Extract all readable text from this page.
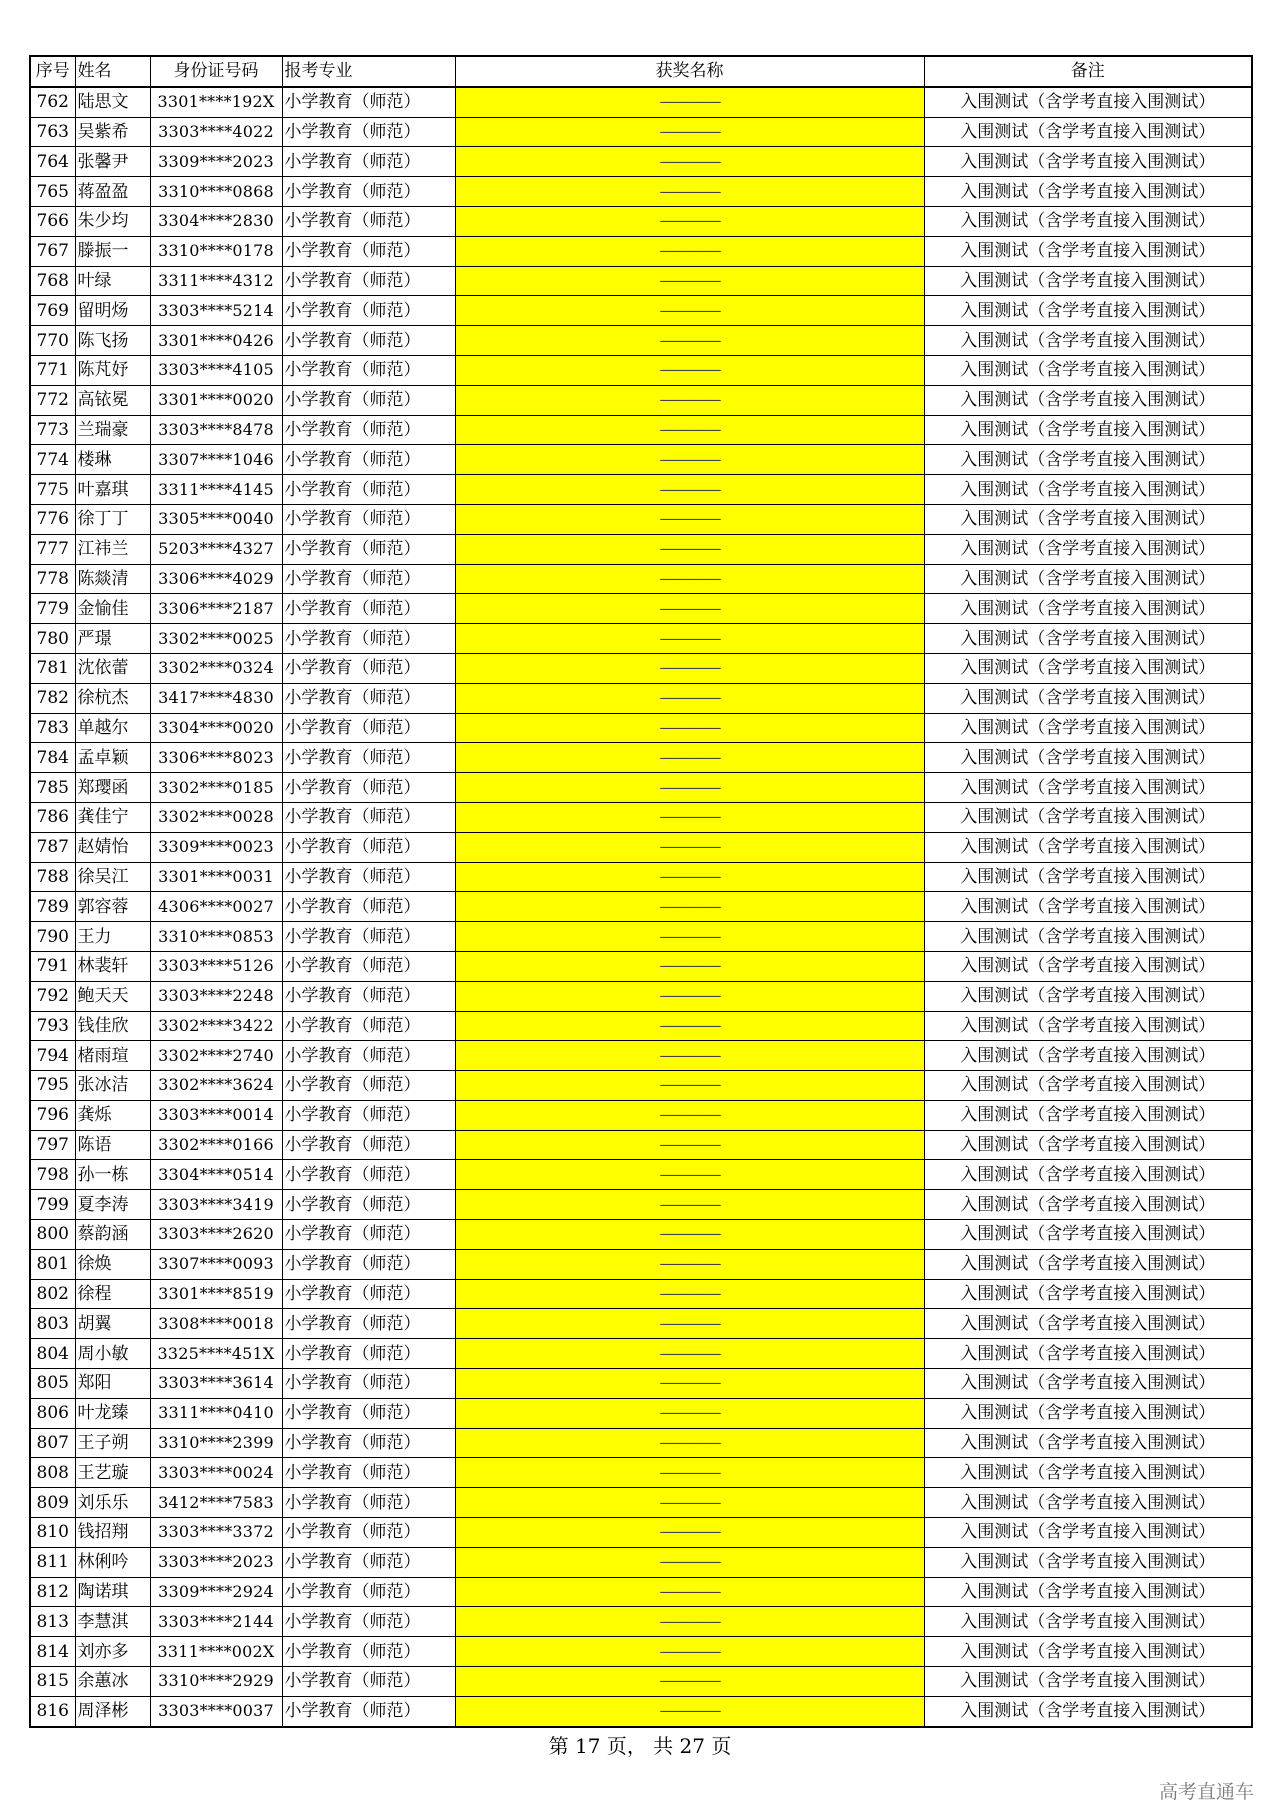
序号	姓名	身份证号码	报考专业	获奖名称	备注
762	陆思文	3301****192X	小学教育（师范）	————	入围测试（含学考直接入围测试）
763	吴紫希	3303****4022	小学教育（师范）	————	入围测试（含学考直接入围测试）
764	张馨尹	3309****2023	小学教育（师范）	————	入围测试（含学考直接入围测试）
765	蒋盈盈	3310****0868	小学教育（师范）	————	入围测试（含学考直接入围测试）
766	朱少均	3304****2830	小学教育（师范）	————	入围测试（含学考直接入围测试）
767	滕振一	3310****0178	小学教育（师范）	————	入围测试（含学考直接入围测试）
768	叶绿	3311****4312	小学教育（师范）	————	入围测试（含学考直接入围测试）
769	留明炀	3303****5214	小学教育（师范）	————	入围测试（含学考直接入围测试）
770	陈飞扬	3301****0426	小学教育（师范）	————	入围测试（含学考直接入围测试）
771	陈芃妤	3303****4105	小学教育（师范）	————	入围测试（含学考直接入围测试）
772	高铱冕	3301****0020	小学教育（师范）	————	入围测试（含学考直接入围测试）
773	兰瑞豪	3303****8478	小学教育（师范）	————	入围测试（含学考直接入围测试）
774	楼琳	3307****1046	小学教育（师范）	————	入围测试（含学考直接入围测试）
775	叶嘉琪	3311****4145	小学教育（师范）	————	入围测试（含学考直接入围测试）
776	徐丁丁	3305****0040	小学教育（师范）	————	入围测试（含学考直接入围测试）
777	江祎兰	5203****4327	小学教育（师范）	————	入围测试（含学考直接入围测试）
778	陈燚清	3306****4029	小学教育（师范）	————	入围测试（含学考直接入围测试）
779	金愉佳	3306****2187	小学教育（师范）	————	入围测试（含学考直接入围测试）
780	严璟	3302****0025	小学教育（师范）	————	入围测试（含学考直接入围测试）
781	沈依蕾	3302****0324	小学教育（师范）	————	入围测试（含学考直接入围测试）
782	徐杭杰	3417****4830	小学教育（师范）	————	入围测试（含学考直接入围测试）
783	单越尔	3304****0020	小学教育（师范）	————	入围测试（含学考直接入围测试）
784	孟卓颖	3306****8023	小学教育（师范）	————	入围测试（含学考直接入围测试）
785	郑璎函	3302****0185	小学教育（师范）	————	入围测试（含学考直接入围测试）
786	龚佳宁	3302****0028	小学教育（师范）	————	入围测试（含学考直接入围测试）
787	赵婧怡	3309****0023	小学教育（师范）	————	入围测试（含学考直接入围测试）
788	徐吴江	3301****0031	小学教育（师范）	————	入围测试（含学考直接入围测试）
789	郭容蓉	4306****0027	小学教育（师范）	————	入围测试（含学考直接入围测试）
790	王力	3310****0853	小学教育（师范）	————	入围测试（含学考直接入围测试）
791	林裴轩	3303****5126	小学教育（师范）	————	入围测试（含学考直接入围测试）
792	鲍天天	3303****2248	小学教育（师范）	————	入围测试（含学考直接入围测试）
793	钱佳欣	3302****3422	小学教育（师范）	————	入围测试（含学考直接入围测试）
794	楮雨瑄	3302****2740	小学教育（师范）	————	入围测试（含学考直接入围测试）
795	张冰洁	3302****3624	小学教育（师范）	————	入围测试（含学考直接入围测试）
796	龚烁	3303****0014	小学教育（师范）	————	入围测试（含学考直接入围测试）
797	陈语	3302****0166	小学教育（师范）	————	入围测试（含学考直接入围测试）
798	孙一栋	3304****0514	小学教育（师范）	————	入围测试（含学考直接入围测试）
799	夏李涛	3303****3419	小学教育（师范）	————	入围测试（含学考直接入围测试）
800	蔡韵涵	3303****2620	小学教育（师范）	————	入围测试（含学考直接入围测试）
801	徐焕	3307****0093	小学教育（师范）	————	入围测试（含学考直接入围测试）
802	徐程	3301****8519	小学教育（师范）	————	入围测试（含学考直接入围测试）
803	胡翼	3308****0018	小学教育（师范）	————	入围测试（含学考直接入围测试）
804	周小敏	3325****451X	小学教育（师范）	————	入围测试（含学考直接入围测试）
805	郑阳	3303****3614	小学教育（师范）	————	入围测试（含学考直接入围测试）
806	叶龙臻	3311****0410	小学教育（师范）	————	入围测试（含学考直接入围测试）
807	王子朔	3310****2399	小学教育（师范）	————	入围测试（含学考直接入围测试）
808	王艺璇	3303****0024	小学教育（师范）	————	入围测试（含学考直接入围测试）
809	刘乐乐	3412****7583	小学教育（师范）	————	入围测试（含学考直接入围测试）
810	钱招翔	3303****3372	小学教育（师范）	————	入围测试（含学考直接入围测试）
811	林俐吟	3303****2023	小学教育（师范）	————	入围测试（含学考直接入围测试）
812	陶诺琪	3309****2924	小学教育（师范）	————	入围测试（含学考直接入围测试）
813	李慧淇	3303****2144	小学教育（师范）	————	入围测试（含学考直接入围测试）
814	刘亦多	3311****002X	小学教育（师范）	————	入围测试（含学考直接入围测试）
815	余蕙冰	3310****2929	小学教育（师范）	————	入围测试（含学考直接入围测试）
816	周泽彬	3303****0037	小学教育（师范）	————	入围测试（含学考直接入围测试）
第 17 页， 共 27 页
高考直通车
